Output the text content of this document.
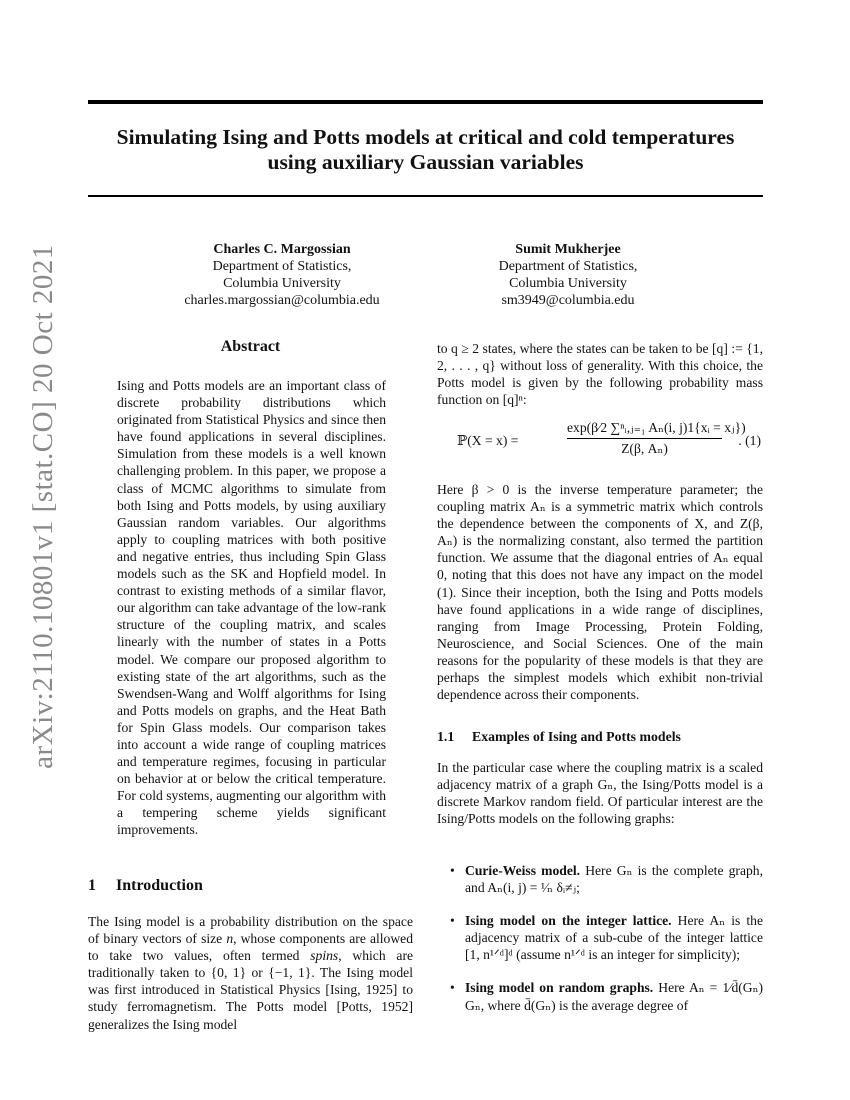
arXiv:2110.10801v1 [stat.CO] 20 Oct 2021
Simulating Ising and Potts models at critical and cold temperatures
using auxiliary Gaussian variables
Charles C. Margossian
Department of Statistics,
Columbia University
charles.margossian@columbia.edu
Sumit Mukherjee
Department of Statistics,
Columbia University
sm3949@columbia.edu
Abstract
Ising and Potts models are an important class of discrete probability distributions which originated from Statistical Physics and since then have found applications in several disciplines. Simulation from these models is a well known challenging problem. In this paper, we propose a class of MCMC algorithms to simulate from both Ising and Potts models, by using auxiliary Gaussian random variables. Our algorithms apply to coupling matrices with both positive and negative entries, thus including Spin Glass models such as the SK and Hopfield model. In contrast to existing methods of a similar flavor, our algorithm can take advantage of the low-rank structure of the coupling matrix, and scales linearly with the number of states in a Potts model. We compare our proposed algorithm to existing state of the art algorithms, such as the Swendsen-Wang and Wolff algorithms for Ising and Potts models on graphs, and the Heat Bath for Spin Glass models. Our comparison takes into account a wide range of coupling matrices and temperature regimes, focusing in particular on behavior at or below the critical temperature. For cold systems, augmenting our algorithm with a tempering scheme yields significant improvements.
1 Introduction
The Ising model is a probability distribution on the space of binary vectors of size n, whose components are allowed to take two values, often termed spins, which are traditionally taken to {0, 1} or {−1, 1}. The Ising model was first introduced in Statistical Physics [Ising, 1925] to study ferromagnetism. The Potts model [Potts, 1952] generalizes the Ising model
to q ≥ 2 states, where the states can be taken to be [q] := {1, 2, . . . , q} without loss of generality. With this choice, the Potts model is given by the following probability mass function on [q]ⁿ:
ℙ(X = x) =	$\frac{\text{exp(β⁄2 ∑ⁿᵢ,ⱼ₌₁ Aₙ(i, j)1\{xᵢ = xⱼ\})}}{\text{Z(β, Aₙ)}}$ . (1)
Here β > 0 is the inverse temperature parameter; the coupling matrix Aₙ is a symmetric matrix which controls the dependence between the components of X, and Z(β, Aₙ) is the normalizing constant, also termed the partition function. We assume that the diagonal entries of Aₙ equal 0, noting that this does not have any impact on the model (1). Since their inception, both the Ising and Potts models have found applications in a wide range of disciplines, ranging from Image Processing, Protein Folding, Neuroscience, and Social Sciences. One of the main reasons for the popularity of these models is that they are perhaps the simplest models which exhibit non-trivial dependence across their components.
1.1 Examples of Ising and Potts models
In the particular case where the coupling matrix is a scaled adjacency matrix of a graph Gₙ, the Ising/Potts model is a discrete Markov random field. Of particular interest are the Ising/Potts models on the following graphs:
• Curie-Weiss model. Here Gₙ is the complete graph, and Aₙ(i, j) = ¹⁄ₙ δᵢ≠ⱼ;
• Ising model on the integer lattice. Here Aₙ is the adjacency matrix of a sub-cube of the integer lattice [1, n¹ᐟᵈ]ᵈ (assume n¹ᐟᵈ is an integer for simplicity);
• Ising model on random graphs. Here Aₙ = 1⁄d̄(Gₙ) Gₙ, where d̄(Gₙ) is the average degree of
